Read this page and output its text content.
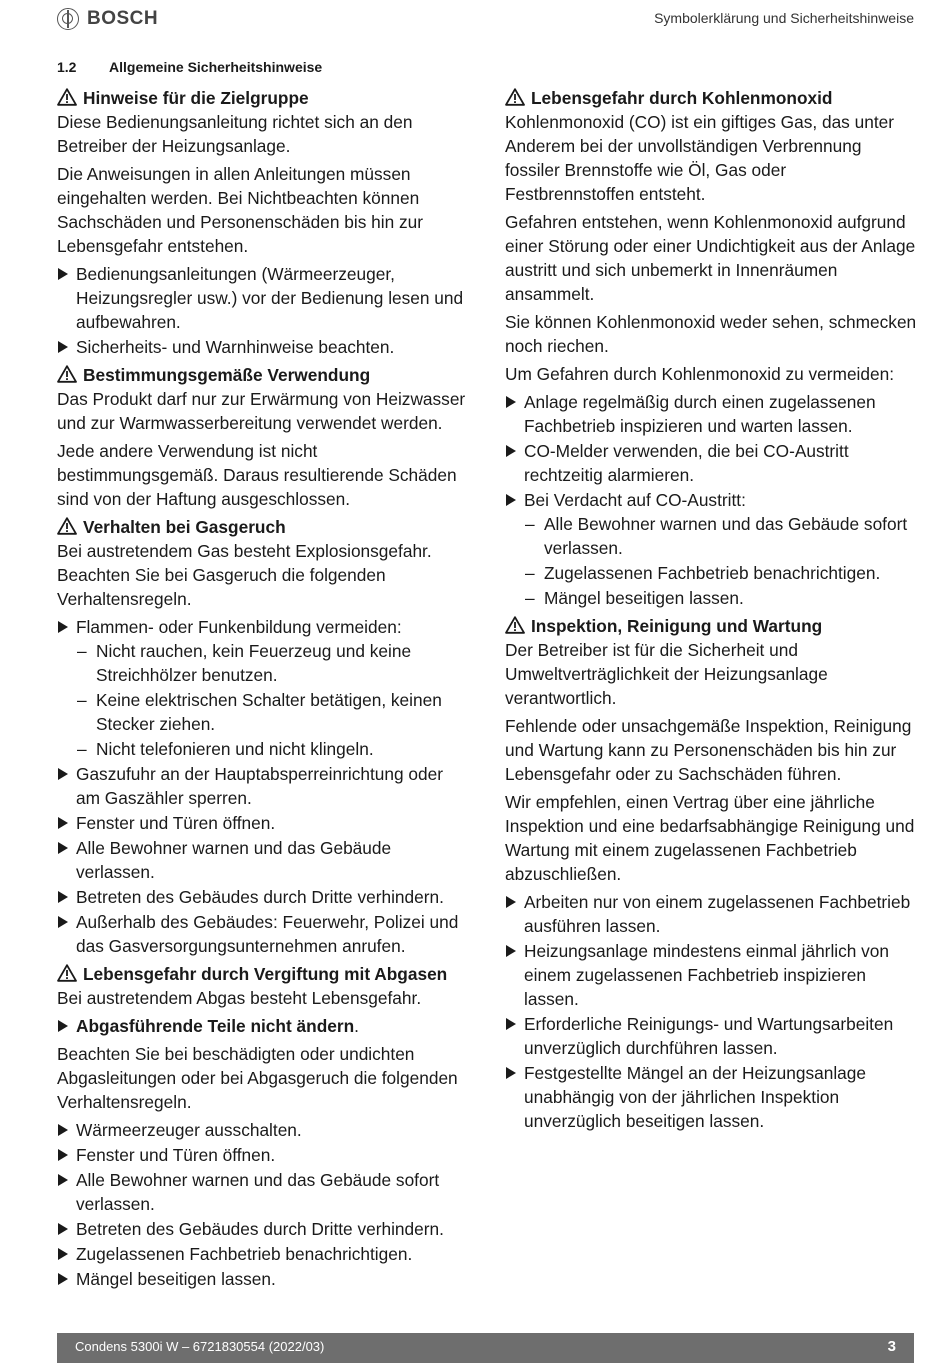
BOSCH	Symbolerklärung und Sicherheitshinweise
1.2 Allgemeine Sicherheitshinweise
Hinweise für die Zielgruppe

Diese Bedienungsanleitung richtet sich an den Betreiber der Heizungsanlage.

Die Anweisungen in allen Anleitungen müssen eingehalten werden. Bei Nichtbeachten können Sachschäden und Personenschäden bis hin zur Lebensgefahr entstehen.

Bedienungsanleitungen (Wärmeerzeuger, Heizungsregler usw.) vor der Bedienung lesen und aufbewahren.
Sicherheits- und Warnhinweise beachten.
Bestimmungsgemäße Verwendung

Das Produkt darf nur zur Erwärmung von Heizwasser und zur Warmwasserbereitung verwendet werden.

Jede andere Verwendung ist nicht bestimmungsgemäß. Daraus resultierende Schäden sind von der Haftung ausgeschlossen.

Verhalten bei Gasgeruch

Bei austretendem Gas besteht Explosionsgefahr. Beachten Sie bei Gasgeruch die folgenden Verhaltensregeln.

Flammen- oder Funkenbildung vermeiden:
– Nicht rauchen, kein Feuerzeug und keine Streichhölzer benutzen.
– Keine elektrischen Schalter betätigen, keinen Stecker ziehen.
– Nicht telefonieren und nicht klingeln.
Gaszufuhr an der Hauptabsperreinrichtung oder am Gaszähler sperren.
Fenster und Türen öffnen.
Alle Bewohner warnen und das Gebäude verlassen.
Betreten des Gebäudes durch Dritte verhindern.
Außerhalb des Gebäudes: Feuerwehr, Polizei und das Gasversorgungsunternehmen anrufen.
Lebensgefahr durch Vergiftung mit Abgasen

Bei austretendem Abgas besteht Lebensgefahr.

Abgasführende Teile nicht ändern.

Beachten Sie bei beschädigten oder undichten Abgasleitungen oder bei Abgasgeruch die folgenden Verhaltensregeln.

Wärmeerzeuger ausschalten.
Fenster und Türen öffnen.
Alle Bewohner warnen und das Gebäude sofort verlassen.
Betreten des Gebäudes durch Dritte verhindern.
Zugelassenen Fachbetrieb benachrichtigen.
Mängel beseitigen lassen.
Lebensgefahr durch Kohlenmonoxid

Kohlenmonoxid (CO) ist ein giftiges Gas, das unter Anderem bei der unvollständigen Verbrennung fossiler Brennstoffe wie Öl, Gas oder Festbrennstoffen entsteht.

Gefahren entstehen, wenn Kohlenmonoxid aufgrund einer Störung oder einer Undichtigkeit aus der Anlage austritt und sich unbemerkt in Innenräumen ansammelt.

Sie können Kohlenmonoxid weder sehen, schmecken noch riechen.

Um Gefahren durch Kohlenmonoxid zu vermeiden:

Anlage regelmäßig durch einen zugelassenen Fachbetrieb inspizieren und warten lassen.
CO-Melder verwenden, die bei CO-Austritt rechtzeitig alarmieren.
Bei Verdacht auf CO-Austritt:
– Alle Bewohner warnen und das Gebäude sofort verlassen.
– Zugelassenen Fachbetrieb benachrichtigen.
– Mängel beseitigen lassen.
Inspektion, Reinigung und Wartung

Der Betreiber ist für die Sicherheit und Umweltverträglichkeit der Heizungsanlage verantwortlich.

Fehlende oder unsachgemäße Inspektion, Reinigung und Wartung kann zu Personenschäden bis hin zur Lebensgefahr oder zu Sachschäden führen.

Wir empfehlen, einen Vertrag über eine jährliche Inspektion und eine bedarfsabhängige Reinigung und Wartung mit einem zugelassenen Fachbetrieb abzuschließen.

Arbeiten nur von einem zugelassenen Fachbetrieb ausführen lassen.
Heizungsanlage mindestens einmal jährlich von einem zugelassenen Fachbetrieb inspizieren lassen.
Erforderliche Reinigungs- und Wartungsarbeiten unverzüglich durchführen lassen.
Festgestellte Mängel an der Heizungsanlage unabhängig von der jährlichen Inspektion unverzüglich beseitigen lassen.
Condens 5300i W – 6721830554 (2022/03)	3
